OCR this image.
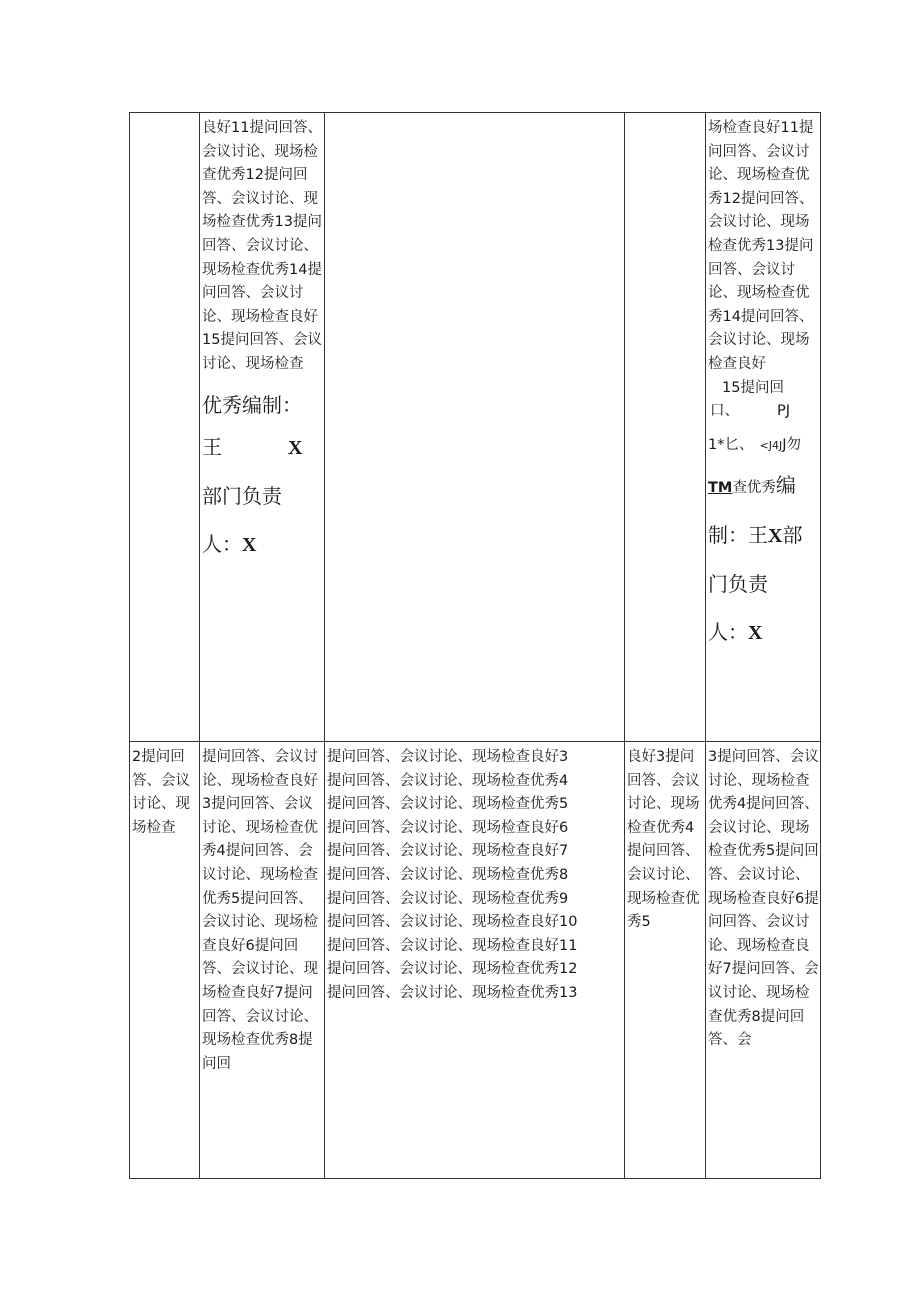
良好11提问回答、会议讨论、现场检查优秀12提问回答、会议讨论、现场检查优秀13提问回答、会议讨论、现场检查优秀14提问回答、会议讨论、现场检查良好15提问回答、会议讨论、现场检查
优秀编制：
王	X
部门负责
人：X
场检查良好11提问回答、会议讨论、现场检查优秀12提问回答、会议讨论、现场检查优秀13提问回答、会议讨论、现场检查优秀14提问回答、会议讨论、现场检查良好
15提问回
口、	PJ
1*匕、 <J4JJ勿
TM查优秀编
制：王X部
门负责
人：X
2提问回答、会议讨论、现场检查
提问回答、会议讨论、现场检查良好3提问回答、会议讨论、现场检查优秀4提问回答、会议讨论、现场检查优秀5提问回答、会议讨论、现场检查良好6提问回答、会议讨论、现场检查良好7提问回答、会议讨论、现场检查优秀8提问回
提问回答、会议讨论、现场检查良好3
提问回答、会议讨论、现场检查优秀4
提问回答、会议讨论、现场检查优秀5
提问回答、会议讨论、现场检查良好6
提问回答、会议讨论、现场检查良好7
提问回答、会议讨论、现场检查优秀8
提问回答、会议讨论、现场检查优秀9
提问回答、会议讨论、现场检查良好10
提问回答、会议讨论、现场检查良好11
提问回答、会议讨论、现场检查优秀12
提问回答、会议讨论、现场检查优秀13
良好3提问回答、会议讨论、现场检查优秀4提问回答、会议讨论、现场检查优秀5
3提问回答、会议讨论、现场检查优秀4提问回答、会议讨论、现场检查优秀5提问回答、会议讨论、现场检查良好6提问回答、会议讨论、现场检查良好7提问回答、会议讨论、现场检查优秀8提问回答、会
